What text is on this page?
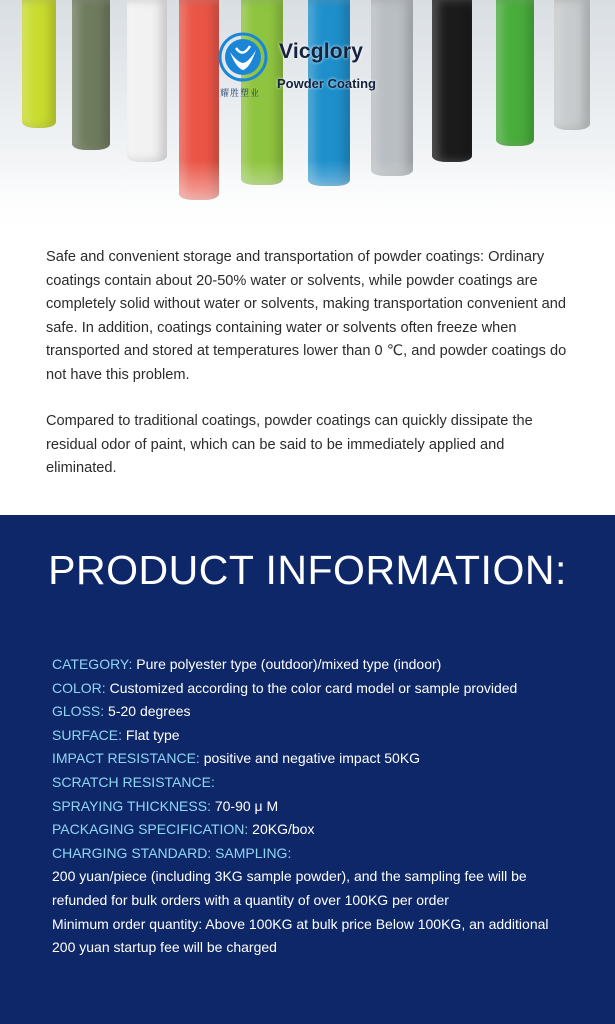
耀胜塑业
Vicglory
Powder Coating

Safe and convenient storage and transportation of powder coatings: Ordinary coatings contain about 20-50% water or solvents, while powder coatings are completely solid without water or solvents, making transportation convenient and safe. In addition, coatings containing water or solvents often freeze when transported and stored at temperatures lower than 0 ℃, and powder coatings do not have this problem.

Compared to traditional coatings, powder coatings can quickly dissipate the residual odor of paint, which can be said to be immediately applied and eliminated.

PRODUCT INFORMATION:
CATEGORY: Pure polyester type (outdoor)/mixed type (indoor)
COLOR: Customized according to the color card model or sample provided
GLOSS: 5-20 degrees
SURFACE: Flat type
IMPACT RESISTANCE: positive and negative impact 50KG
SCRATCH RESISTANCE:
SPRAYING THICKNESS: 70-90 μ M
PACKAGING SPECIFICATION: 20KG/box
CHARGING STANDARD: SAMPLING:
200 yuan/piece (including 3KG sample powder), and the sampling fee will be refunded for bulk orders with a quantity of over 100KG per order
Minimum order quantity: Above 100KG at bulk price Below 100KG, an additional 200 yuan startup fee will be charged
